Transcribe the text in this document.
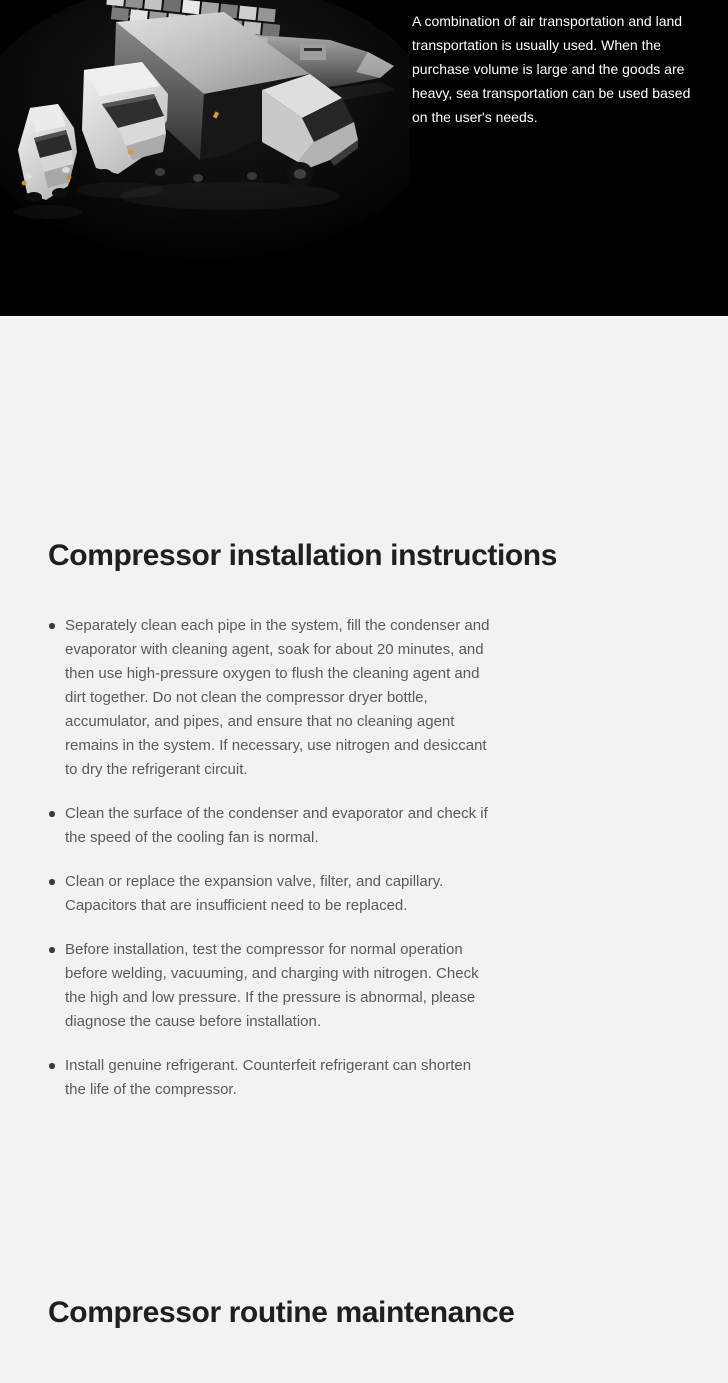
A combination of air transportation and land transportation is usually used. When the purchase volume is large and the goods are heavy, sea transportation can be used based on the user's needs.

Compressor installation instructions
Separately clean each pipe in the system, fill the condenser and evaporator with cleaning agent, soak for about 20 minutes, and then use high-pressure oxygen to flush the cleaning agent and dirt together. Do not clean the compressor dryer bottle, accumulator, and pipes, and ensure that no cleaning agent remains in the system. If necessary, use nitrogen and desiccant to dry the refrigerant circuit.
Clean the surface of the condenser and evaporator and check if the speed of the cooling fan is normal.
Clean or replace the expansion valve, filter, and capillary. Capacitors that are insufficient need to be replaced.
Before installation, test the compressor for normal operation before welding, vacuuming, and charging with nitrogen. Check the high and low pressure. If the pressure is abnormal, please diagnose the cause before installation.
Install genuine refrigerant. Counterfeit refrigerant can shorten the life of the compressor.
Compressor routine maintenance
